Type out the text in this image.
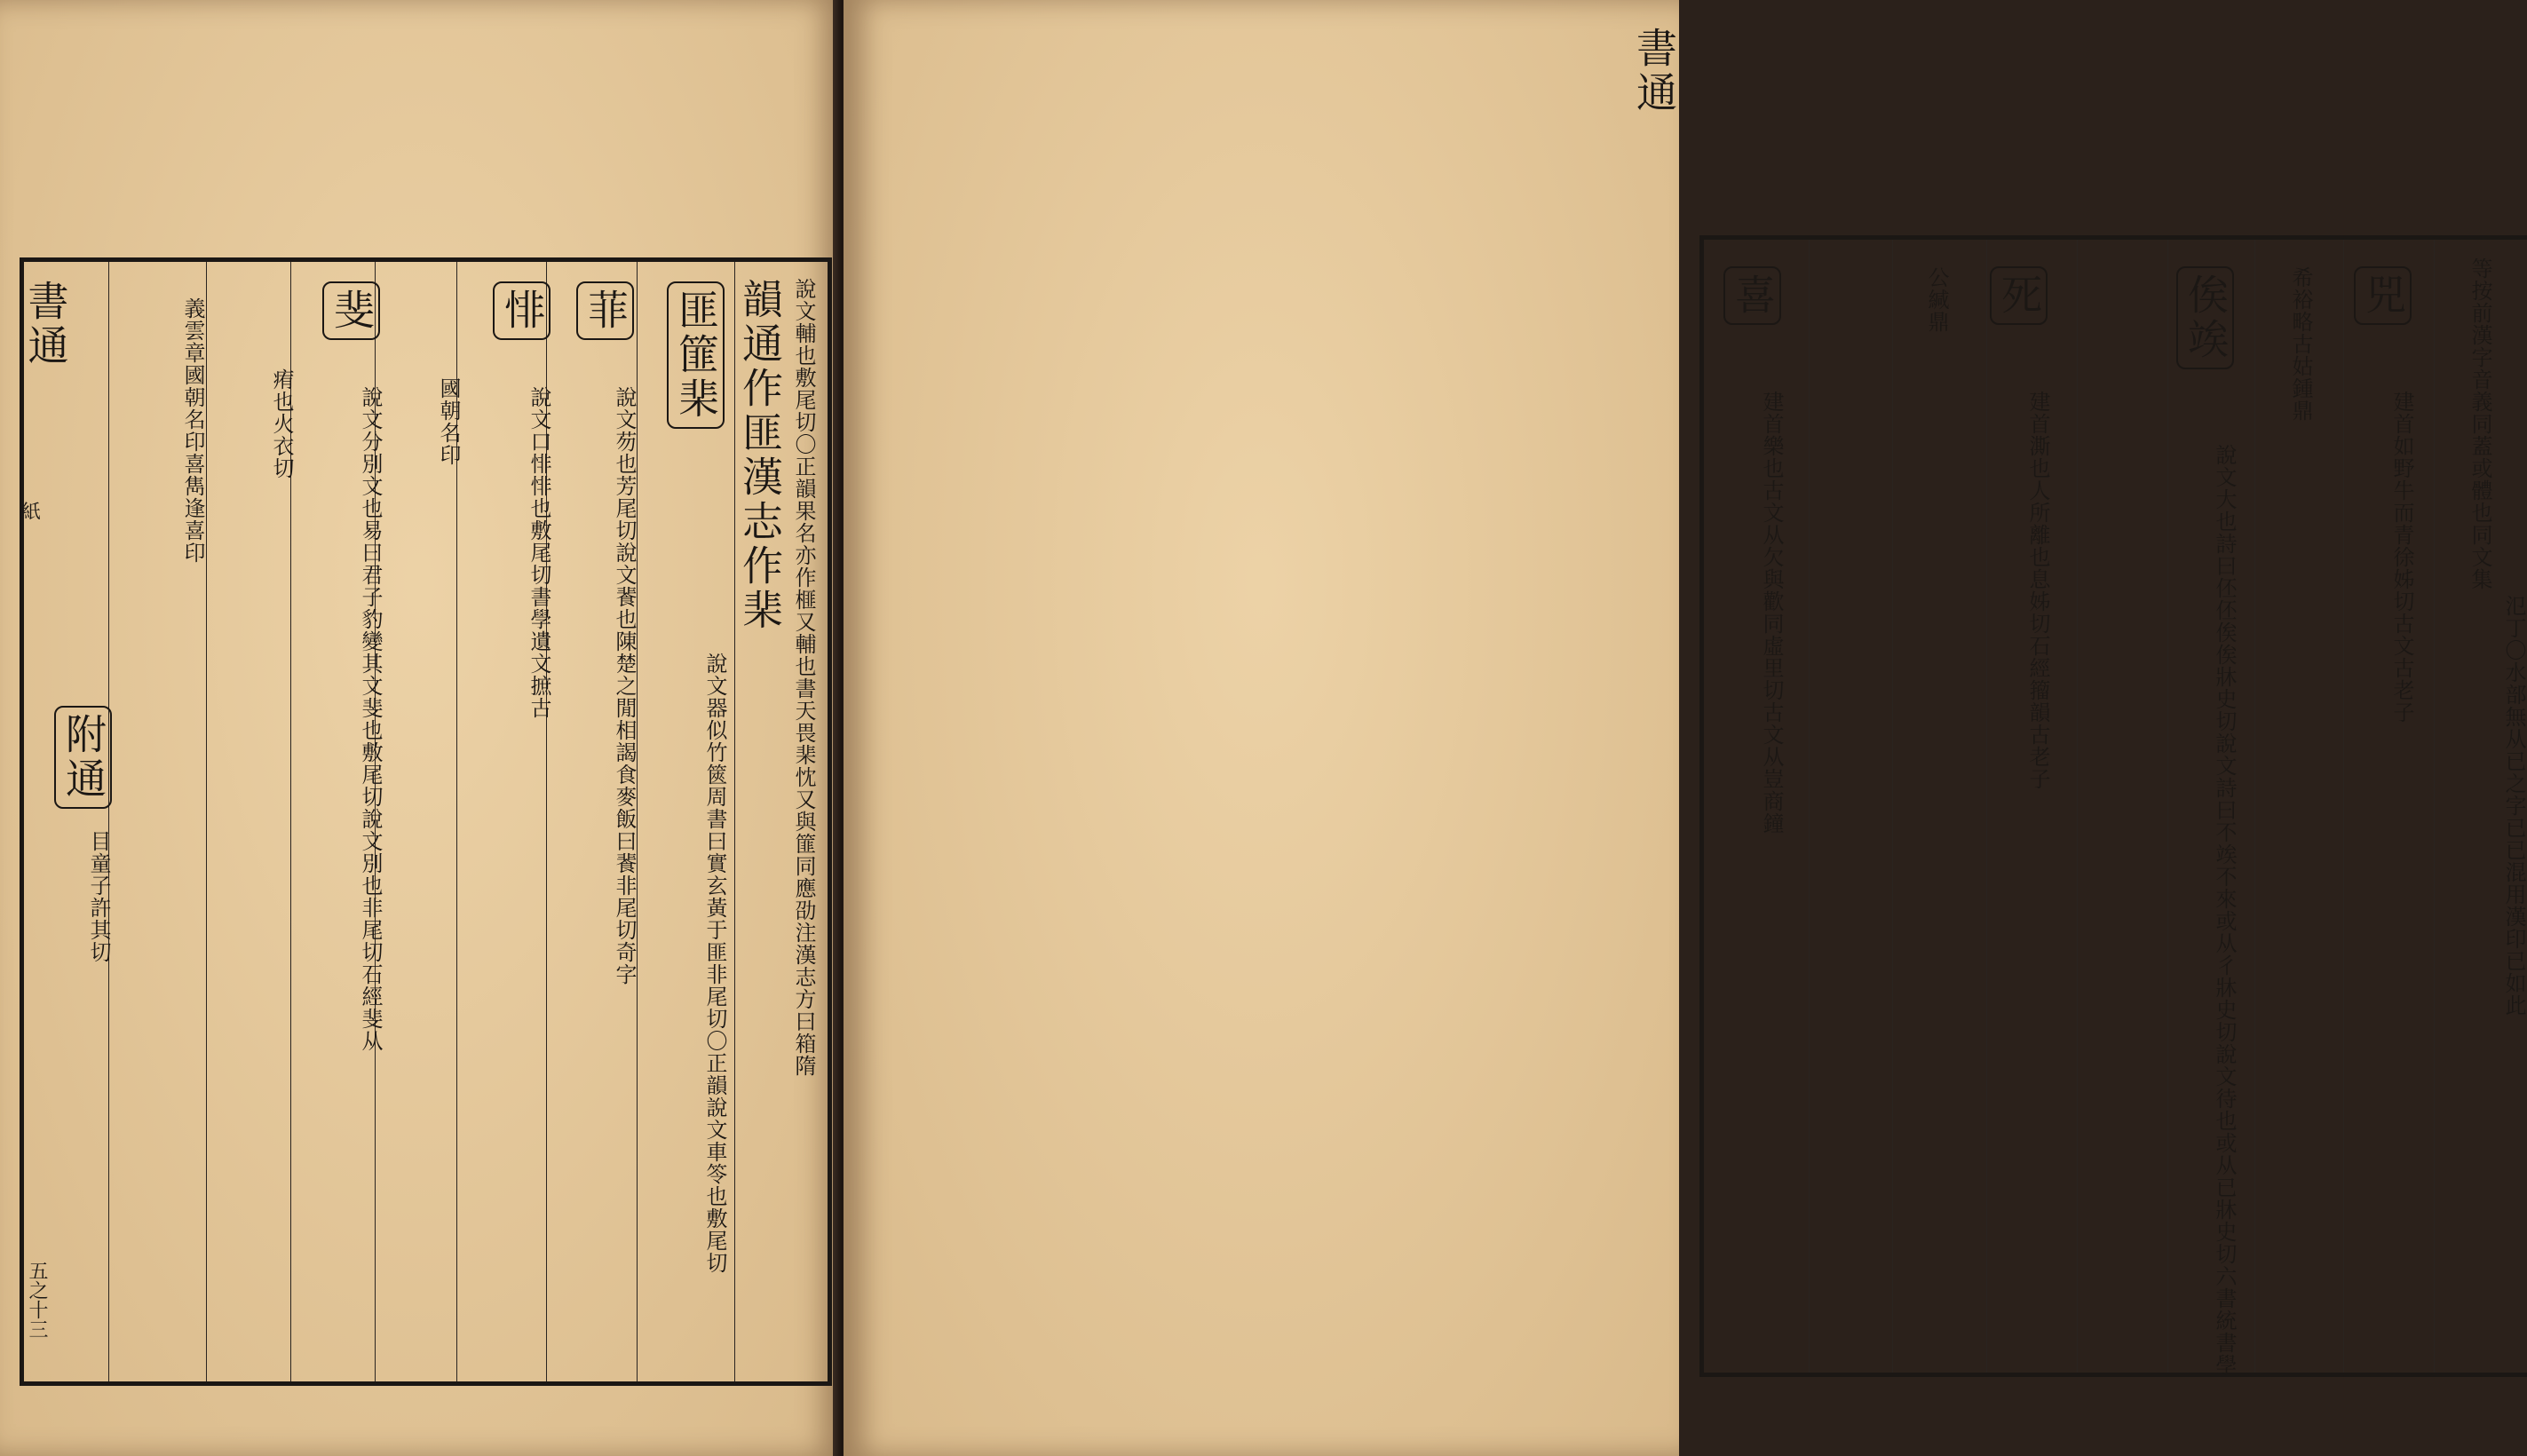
說文輔也敷尾切〇正韻果名亦作榧又輔也書天畏棐忱又與篚同應劭注漢志方曰箱隋
韻通作匪漢志作棐
匪篚棐
說文器似竹篋周書曰實玄黃于匪非尾切〇正韻說文車笭也敷尾切
菲
說文芴也芳尾切說文餥也陳楚之閒相謁食麥飯曰餥非尾切奇字
悱
說文口悱悱也敷尾切書學遺文摭古
國朝名印
斐
說文分別文也易曰君子豹變其文斐也敷尾切說文別也非尾切石經斐从
痏也火衣切
義雲章國朝名印喜雋逢喜印
附通
目童子許其切
書通
紙
五之十三
等按前漢字音義同蓋或體也同文集
氾丁〇水部無从已之字已已混用漢印已如此
兕
建首如野牛而青徐姊切古文古老子
希裕略古姑鍾鼎
俟竢
說文大也詩曰伾伾俟俟牀史切說文詩曰不竢不來或从彳牀史切說文待也或从已牀史切六書統書學
死
建首澌也人所離也息姊切石經籀韻古老子
公緘鼎
喜
建首樂也古文从欠與歡同虛里切古文从豈商鐘
書通
